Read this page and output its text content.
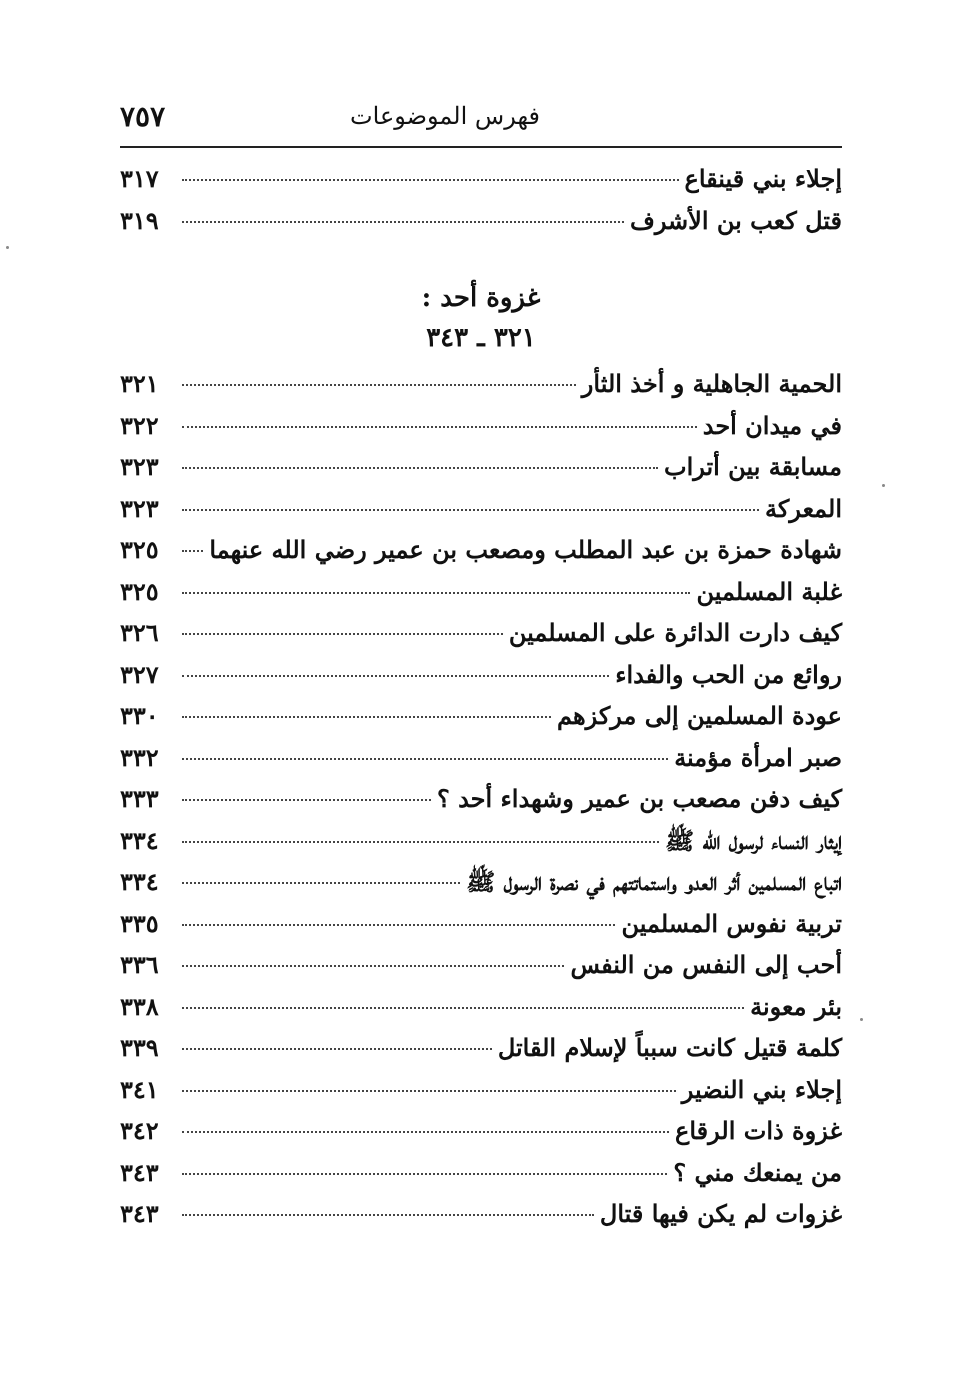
فهرس الموضوعات
٧٥٧
إجلاء بني قينقاع
٣١٧
قتل كعب بن الأشرف
٣١٩
غزوة أحد :
٣٢١ ـ ٣٤٣
الحمية الجاهلية و أخذ الثأر
٣٢١
في ميدان أحد
٣٢٢
مسابقة بين أتراب
٣٢٣
المعركة
٣٢٣
شهادة حمزة بن عبد المطلب ومصعب بن عمير رضي الله عنهما
٣٢٥
غلبة المسلمين
٣٢٥
كيف دارت الدائرة على المسلمين
٣٢٦
روائع من الحب والفداء
٣٢٧
عودة المسلمين إلى مركزهم
٣٣٠
صبر امرأة مؤمنة
٣٣٢
كيف دفن مصعب بن عمير وشهداء أحد ؟
٣٣٣
إيثار النساء لرسول الله ﷺ
٣٣٤
اتباع المسلمين أثر العدو واستماتتهم في نصرة الرسول ﷺ
٣٣٤
تربية نفوس المسلمين
٣٣٥
أحب إلى النفس من النفس
٣٣٦
بئر معونة
٣٣٨
كلمة قتيل كانت سبباً لإسلام القاتل
٣٣٩
إجلاء بني النضير
٣٤١
غزوة ذات الرقاع
٣٤٢
من يمنعك مني ؟
٣٤٣
غزوات لم يكن فيها قتال
٣٤٣
